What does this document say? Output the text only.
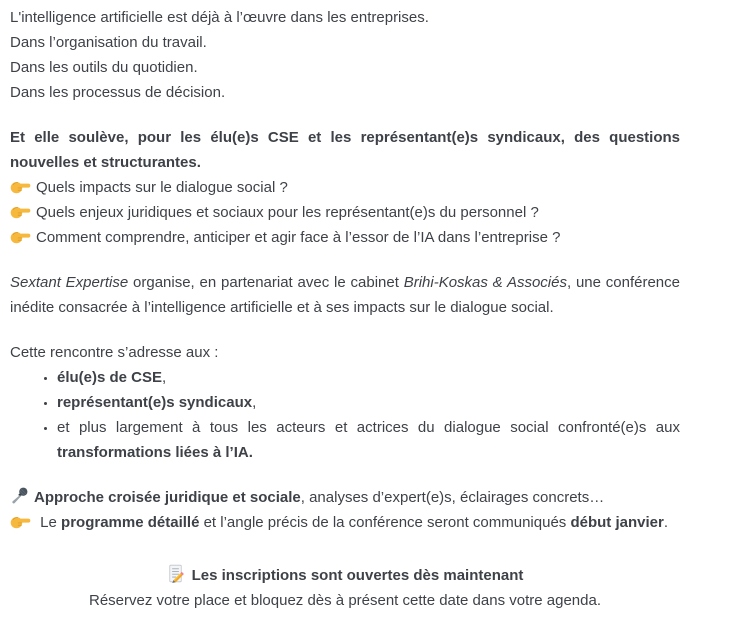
L'intelligence artificielle est déjà à l’œuvre dans les entreprises.
Dans l’organisation du travail.
Dans les outils du quotidien.
Dans les processus de décision.

Et elle soulève, pour les élu(e)s CSE et les représentant(e)s syndicaux, des questions nouvelles et structurantes.

Quels impacts sur le dialogue social ?
Quels enjeux juridiques et sociaux pour les représentant(e)s du personnel ?
Comment comprendre, anticiper et agir face à l’essor de l’IA dans l’entreprise ?

Sextant Expertise organise, en partenariat avec le cabinet Brihi-Koskas & Associés, une conférence inédite consacrée à l’intelligence artificielle et à ses impacts sur le dialogue social.

Cette rencontre s’adresse aux :

• élu(e)s de CSE,
• représentant(e)s syndicaux,
• et plus largement à tous les acteurs et actrices du dialogue social confronté(e)s aux transformations liées à l’IA.
Approche croisée juridique et sociale, analyses d’expert(e)s, éclairages concrets…
Le programme détaillé et l’angle précis de la conférence seront communiqués début janvier.
Les inscriptions sont ouvertes dès maintenant
Réservez votre place et bloquez dès à présent cette date dans votre agenda.
